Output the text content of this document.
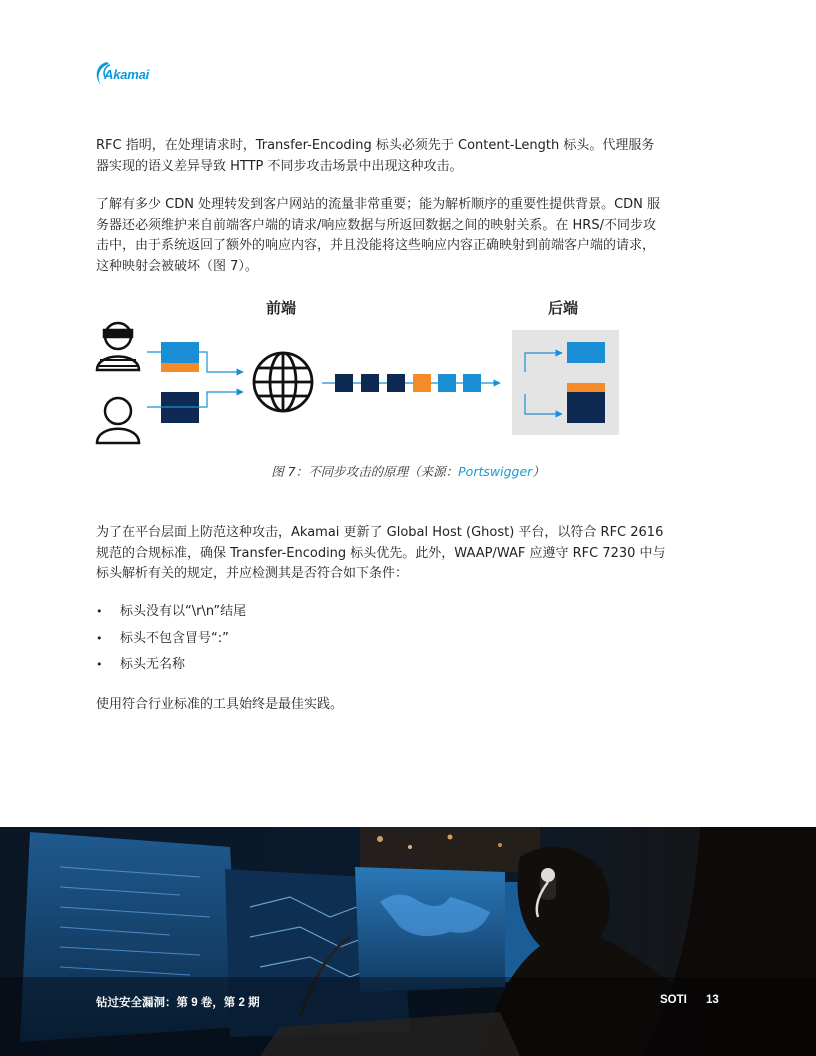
Akamai

RFC 指明，在处理请求时，Transfer-Encoding 标头必须先于 Content-Length 标头。代理服务器实现的语义差异导致 HTTP 不同步攻击场景中出现这种攻击。

了解有多少 CDN 处理转发到客户网站的流量非常重要；能为解析顺序的重要性提供背景。CDN 服务器还必须维护来自前端客户端的请求/响应数据与所返回数据之间的映射关系。在 HRS/不同步攻击中，由于系统返回了额外的响应内容，并且没能将这些响应内容正确映射到前端客户端的请求，这种映射会被破坏（图 7）。

前端	后端
图 7：不同步攻击的原理（来源：Portswigger）

为了在平台层面上防范这种攻击，Akamai 更新了 Global Host (Ghost) 平台，以符合 RFC 2616 规范的合规标准，确保 Transfer-Encoding 标头优先。此外，WAAP/WAF 应遵守 RFC 7230 中与标头解析有关的规定，并应检测其是否符合如下条件：

• 标头没有以“\r\n”结尾
• 标头不包含冒号“:”
• 标头无名称

使用符合行业标准的工具始终是最佳实践。

钻过安全漏洞：第 9 卷，第 2 期	SOTI 13
